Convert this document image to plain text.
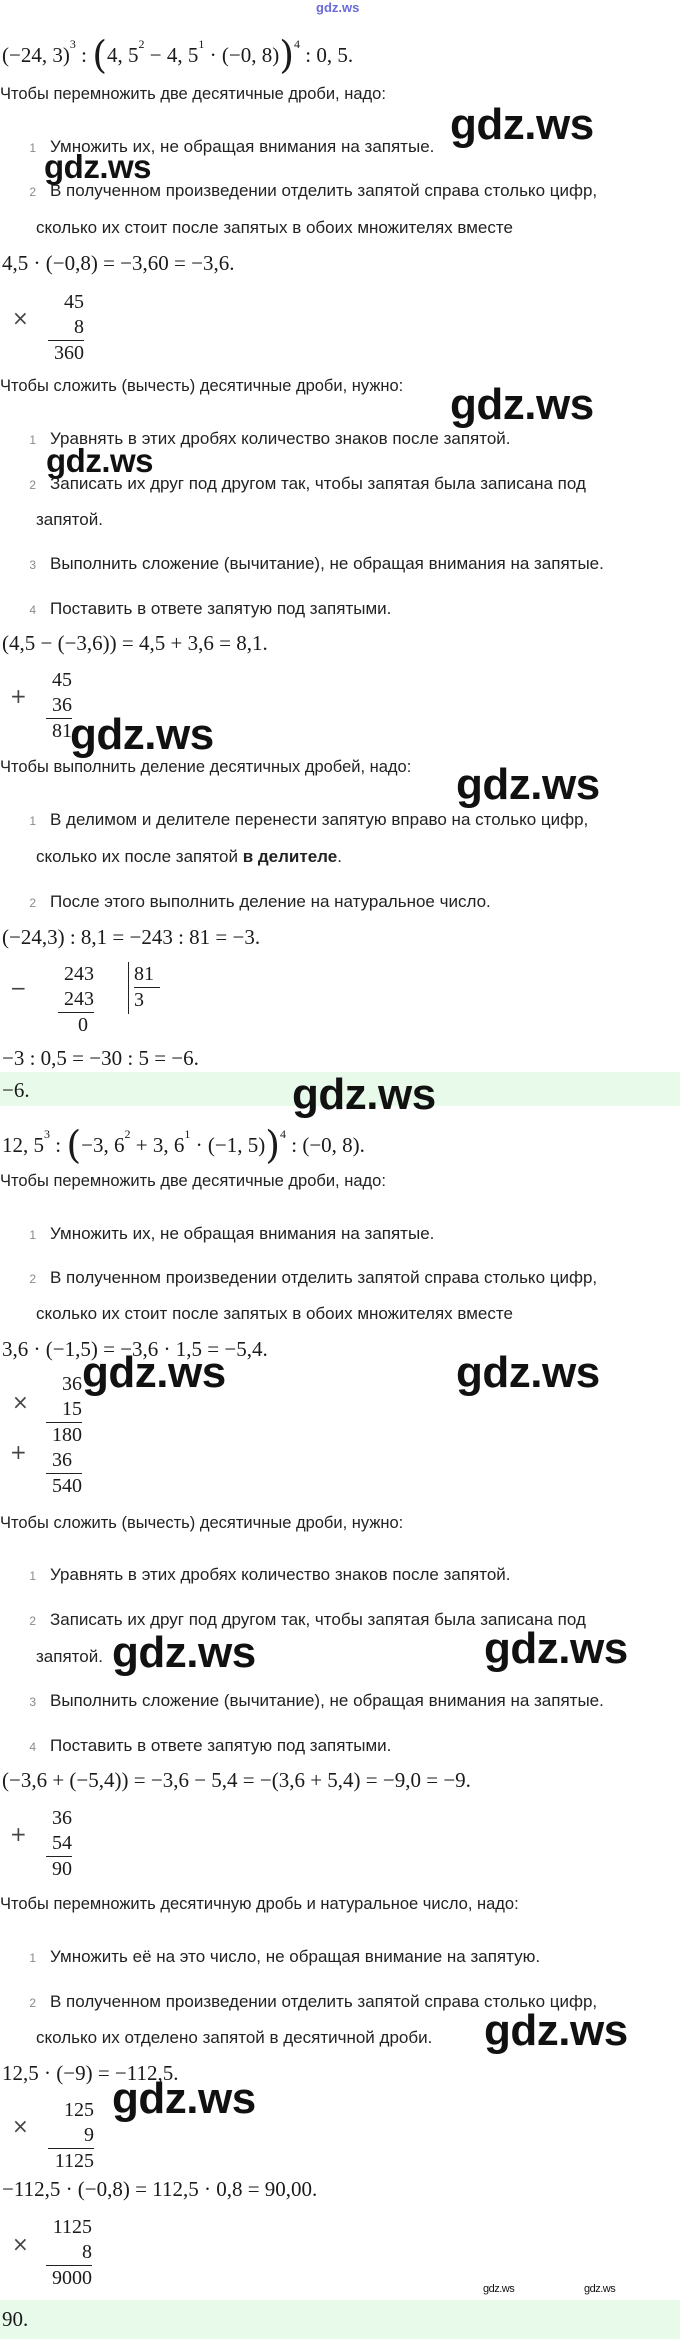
gdz.ws
(−24, 3)$^3$ : (4, $5^2 - 4$, $5^1 \cdot (-0$, 8))$^4$ : 0, 5.
Чтобы перемножить две десятичные дроби, надо:
1 Умножить их, не обращая внимания на запятые.
2 В полученном произведении отделить запятой справа столько цифр,
сколько их стоит после запятых в обоих множителях вместе
gdz.ws
gdz.ws
4,5 · (−0,8) = −3,60 = −3,6.
×
45
8
360
Чтобы сложить (вычесть) десятичные дроби, нужно: gdz.ws
1 Уравнять в этих дробях количество знаков после запятой.
gdz.ws
2 Записать их друг под другом так, чтобы запятая была записана под
запятой.
3 Выполнить сложение (вычитание), не обращая внимания на запятые.
4 Поставить в ответе запятую под запятыми.
(4,5 − (−3,6)) = 4,5 + 3,6 = 8,1.
+
45
36
81
gdz.ws
Чтобы выполнить деление десятичных дробей, надо: gdz.ws
1 В делимом и делителе перенести запятую вправо на столько цифр,
сколько их после запятой в делителе.
2 После этого выполнить деление на натуральное число.
(−24,3) : 8,1 = −243 : 81 = −3.
−
243
243
0
81
3
−3 : 0,5 = −30 : 5 = −6.
−6.	gdz.ws
12, $5^3$ : (−3, $6^2 + 3$, $6^1 \cdot (-1$, 5))$^4$ : (−0, 8).
Чтобы перемножить две десятичные дроби, надо:
1 Умножить их, не обращая внимания на запятые.
2 В полученном произведении отделить запятой справа столько цифр,
сколько их стоит после запятых в обоих множителях вместе
3,6 · (−1,5) = −3,6 · 1,5 = −5,4.
×
+
36
15
180
36
540
gdz.ws	gdz.ws
Чтобы сложить (вычесть) десятичные дроби, нужно:
1 Уравнять в этих дробях количество знаков после запятой.
2 Записать их друг под другом так, чтобы запятая была записана под
запятой. gdz.ws	gdz.ws
3 Выполнить сложение (вычитание), не обращая внимания на запятые.
4 Поставить в ответе запятую под запятыми.
(−3,6 + (−5,4)) = −3,6 − 5,4 = −(3,6 + 5,4) = −9,0 = −9.
+
36
54
90
Чтобы перемножить десятичную дробь и натуральное число, надо:
1 Умножить её на это число, не обращая внимание на запятую.
2 В полученном произведении отделить запятой справа столько цифр,
сколько их отделено запятой в десятичной дроби. gdz.ws
12,5 · (−9) = −112,5.
gdz.ws
×
125
9
1125
−112,5 · (−0,8) = 112,5 · 0,8 = 90,00.
×
1125
8
9000	gdz.ws	gdz.ws
90.
